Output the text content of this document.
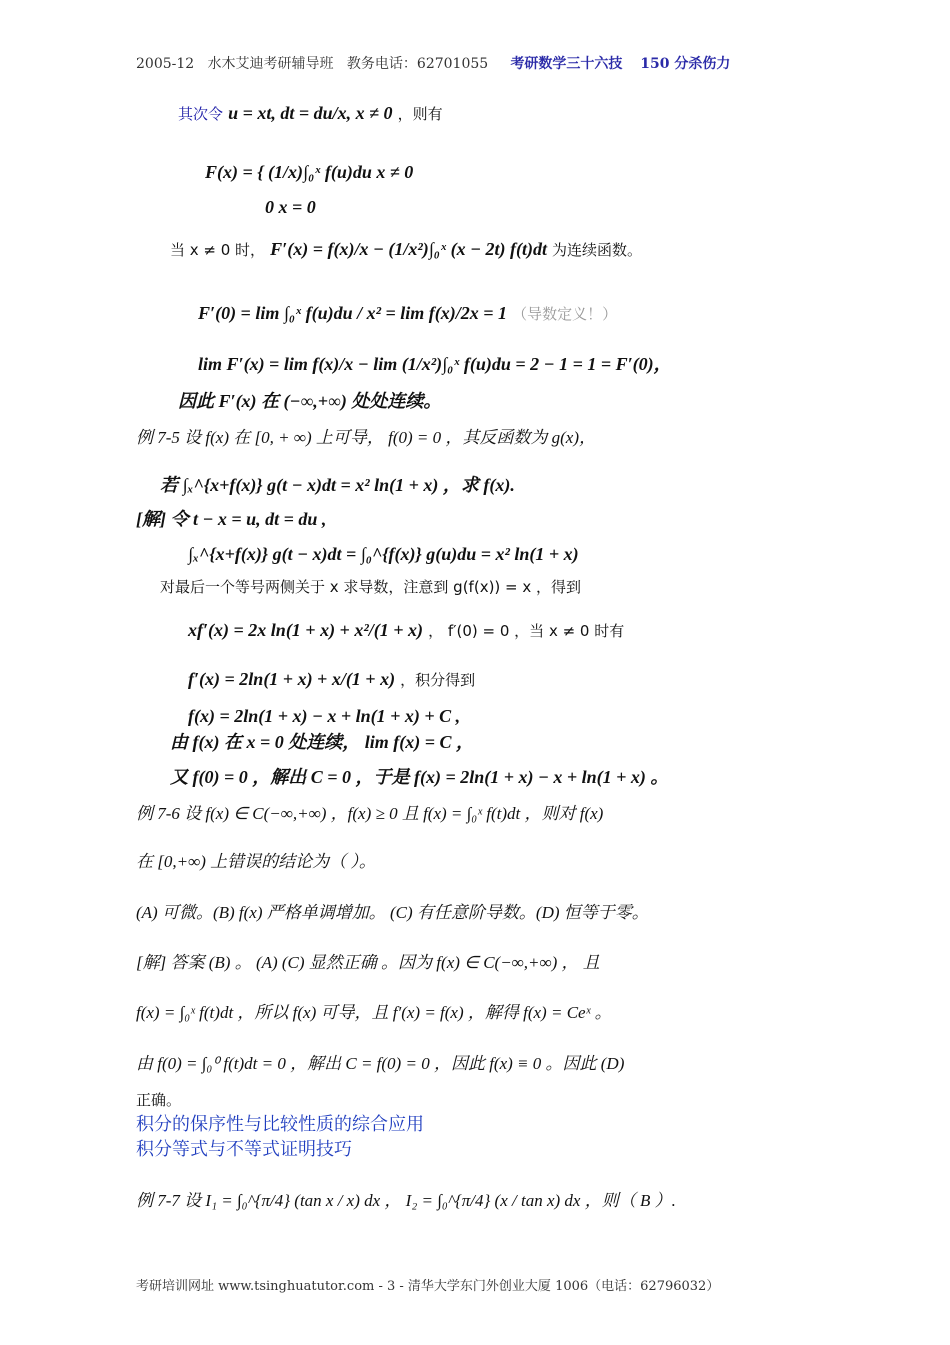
2005-12 水木艾迪考研辅导班 教务电话：62701055 考研数学三十六技 150 分杀伤力
其次令 u = xt, dt = du/x, x ≠ 0 ，则有
F(x) = { (1/x)∫₀ˣ f(u)du x ≠ 0
0 x = 0
当 x ≠ 0 时， F′(x) = f(x)/x − (1/x²)∫₀ˣ (x − 2t) f(t)dt 为连续函数。
F′(0) = lim ∫₀ˣ f(u)du / x² = lim f(x)/2x = 1 （导数定义！）
lim F′(x) = lim f(x)/x − lim (1/x²)∫₀ˣ f(u)du = 2 − 1 = 1 = F′(0)，
因此 F′(x) 在 (−∞,+∞) 处处连续。
例 7-5 设 f(x) 在 [0, + ∞) 上可导， f(0) = 0 ，其反函数为 g(x)，
若 ∫ₓ^{x+f(x)} g(t − x)dt = x² ln(1 + x) ，求 f(x).
[解] 令 t − x = u, dt = du ,
∫ₓ^{x+f(x)} g(t − x)dt = ∫₀^{f(x)} g(u)du = x² ln(1 + x)
对最后一个等号两侧关于 x 求导数，注意到 g(f(x)) = x ，得到
xf′(x) = 2x ln(1 + x) + x²/(1 + x) ， f′(0) = 0 ，当 x ≠ 0 时有
f′(x) = 2ln(1 + x) + x/(1 + x) ，积分得到
f(x) = 2ln(1 + x) − x + ln(1 + x) + C ,
由 f(x) 在 x = 0 处连续， lim f(x) = C ，
又 f(0) = 0 ，解出 C = 0 ，于是 f(x) = 2ln(1 + x) − x + ln(1 + x) 。
例 7-6 设 f(x) ∈ C(−∞,+∞) ，f(x) ≥ 0 且 f(x) = ∫₀ˣ f(t)dt ，则对 f(x)
在 [0,+∞) 上错误的结论为（ ）。
(A) 可微。(B) f(x) 严格单调增加。 (C) 有任意阶导数。(D) 恒等于零。
[解] 答案 (B) 。 (A) (C) 显然正确 。因为 f(x) ∈ C(−∞,+∞) ， 且
f(x) = ∫₀ˣ f(t)dt ，所以 f(x) 可导，且 f′(x) = f(x) ，解得 f(x) = Ceˣ 。
由 f(0) = ∫₀⁰ f(t)dt = 0 ，解出 C = f(0) = 0 ，因此 f(x) ≡ 0 。因此 (D)
正确。
积分的保序性与比较性质的综合应用
积分等式与不等式证明技巧
例 7-7 设 I₁ = ∫₀^{π/4} (tan x / x) dx ， I₂ = ∫₀^{π/4} (x / tan x) dx ，则（ B ）.
考研培训网址 www.tsinghuatutor.com - 3 - 清华大学东门外创业大厦 1006（电话：62796032）
